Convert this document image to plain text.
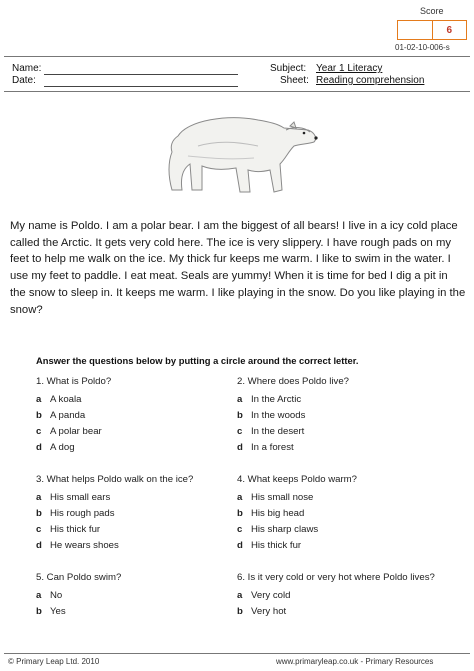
Score
6
01-02-10-006-s
Name:
Date:
Subject: Year 1 Literacy
Sheet: Reading comprehension

My name is Poldo. I am a polar bear. I am the biggest of all bears! I live in a icy cold place called the Arctic. It gets very cold here. The ice is very slippery. I have rough pads on my feet to help me walk on the ice. My thick fur keeps me warm. I like to swim in the water. I use my feet to paddle. I eat meat. Seals are yummy! When it is time for bed I dig a pit in the snow to sleep in. It keeps me warm. I like playing in the snow. Do you like playing in the snow?

Answer the questions below by putting a circle around the correct letter.
1. What is Poldo?
a A koala
b A panda
c A polar bear
d A dog
2. Where does Poldo live?
a In the Arctic
b In the woods
c In the desert
d In a forest
3. What helps Poldo walk on the ice?
a His small ears
b His rough pads
c His thick fur
d He wears shoes
4. What keeps Poldo warm?
a His small nose
b His big head
c His sharp claws
d His thick fur
5. Can Poldo swim?
a No
b Yes
6. Is it very cold or very hot where Poldo lives?
a Very cold
b Very hot
© Primary Leap Ltd. 2010	www.primaryleap.co.uk - Primary Resources
